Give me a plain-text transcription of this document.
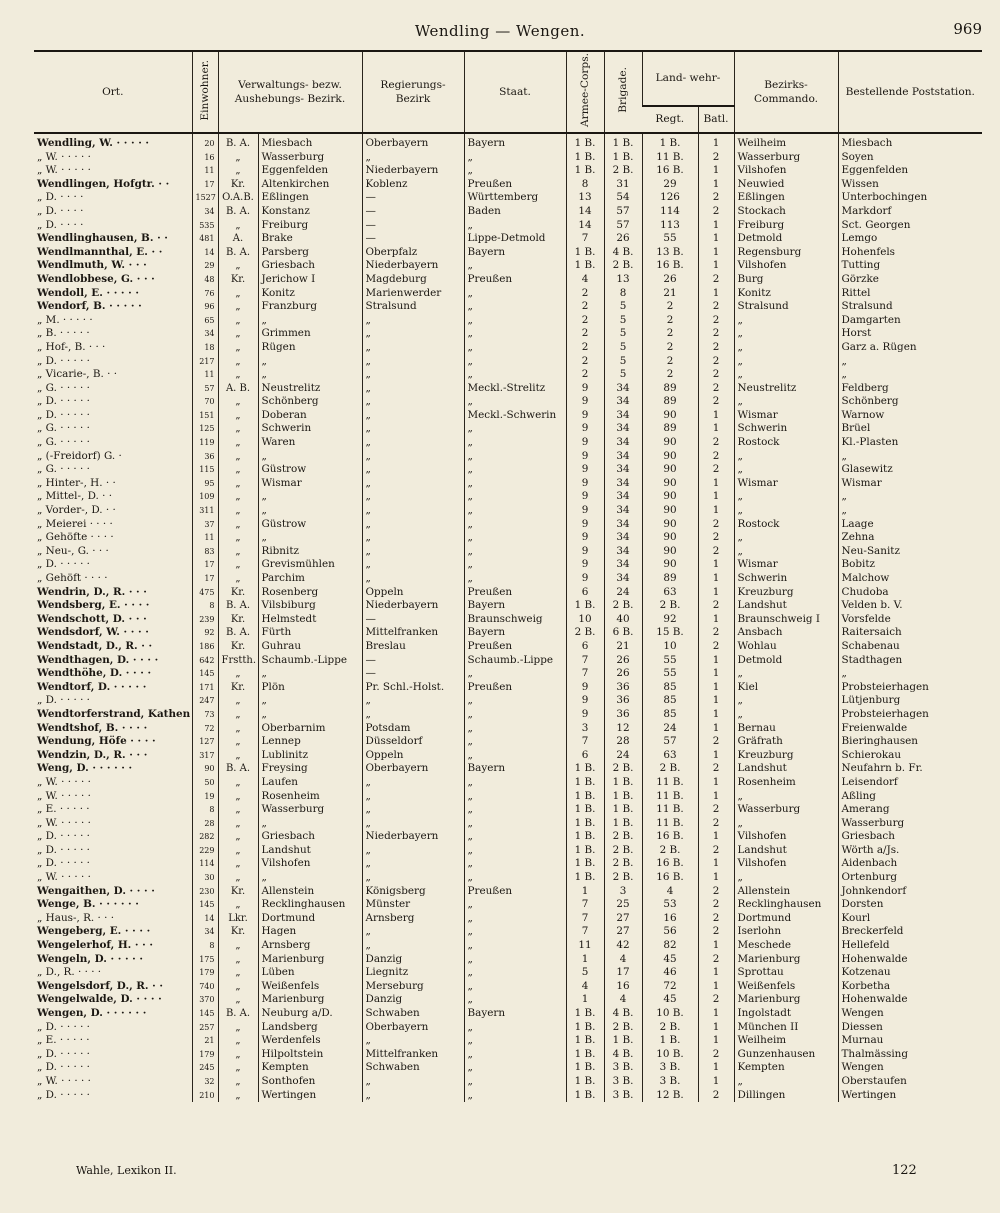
Wendling — Wengen.	969
Ort.	Einwohner.	Verwaltungs- bezw. Aushebungs- Bezirk.		Regierungs- Bezirk	Staat.	Armee-Corps.	Brigade.	Land- wehr-		Bezirks- Commando.	Bestellende Poststation.
								Regt.	Batl.		
Wendling, W. · · · · ·	20	B. A.	Miesbach	Oberbayern	Bayern	1 B.	1 B.	1 B.	1	Weilheim	Miesbach
„ W. · · · · ·	16	„	Wasserburg	„	„	1 B.	1 B.	11 B.	2	Wasserburg	Soyen
„ W. · · · · ·	11	„	Eggenfelden	Niederbayern	„	1 B.	2 B.	16 B.	1	Vilshofen	Eggenfelden
Wendlingen, Hofgtr. · ·	17	Kr.	Altenkirchen	Koblenz	Preußen	8	31	29	1	Neuwied	Wissen
„ D. · · · ·	1527	O.A.B.	Eßlingen	—	Württemberg	13	54	126	2	Eßlingen	Unterbochingen
„ D. · · · ·	34	B. A.	Konstanz	—	Baden	14	57	114	2	Stockach	Markdorf
„ D. · · · ·	535	„	Freiburg	—	„	14	57	113	1	Freiburg	Sct. Georgen
Wendlinghausen, B. · ·	481	A.	Brake	—	Lippe-Detmold	7	26	55	1	Detmold	Lemgo
Wendlmannthal, E. · ·	14	B. A.	Parsberg	Oberpfalz	Bayern	1 B.	4 B.	13 B.	1	Regensburg	Hohenfels
Wendlmuth, W. · · ·	29	„	Griesbach	Niederbayern	„	1 B.	2 B.	16 B.	1	Vilshofen	Tutting
Wendlobbese, G. · · ·	48	Kr.	Jerichow I	Magdeburg	Preußen	4	13	26	2	Burg	Görzke
Wendoll, E. · · · · ·	76	„	Konitz	Marienwerder	„	2	8	21	1	Konitz	Rittel
Wendorf, B. · · · · ·	96	„	Franzburg	Stralsund	„	2	5	2	2	Stralsund	Stralsund
„ M. · · · · ·	65	„	„	„	„	2	5	2	2	„	Damgarten
„ B. · · · · ·	34	„	Grimmen	„	„	2	5	2	2	„	Horst
„ Hof-, B. · · ·	18	„	Rügen	„	„	2	5	2	2	„	Garz a. Rügen
„ D. · · · · ·	217	„	„	„	„	2	5	2	2	„	„
„ Vicarie-, B. · ·	11	„	„	„	„	2	5	2	2	„	„
„ G. · · · · ·	57	A. B.	Neustrelitz	„	Meckl.-Strelitz	9	34	89	2	Neustrelitz	Feldberg
„ D. · · · · ·	70	„	Schönberg	„	„	9	34	89	2	„	Schönberg
„ D. · · · · ·	151	„	Doberan	„	Meckl.-Schwerin	9	34	90	1	Wismar	Warnow
„ G. · · · · ·	125	„	Schwerin	„	„	9	34	89	1	Schwerin	Brüel
„ G. · · · · ·	119	„	Waren	„	„	9	34	90	2	Rostock	Kl.-Plasten
„ (-Freidorf) G. ·	36	„	„	„	„	9	34	90	2	„	„
„ G. · · · · ·	115	„	Güstrow	„	„	9	34	90	2	„	Glasewitz
„ Hinter-, H. · ·	95	„	Wismar	„	„	9	34	90	1	Wismar	Wismar
„ Mittel-, D. · ·	109	„	„	„	„	9	34	90	1	„	„
„ Vorder-, D. · ·	311	„	„	„	„	9	34	90	1	„	„
„ Meierei · · · ·	37	„	Güstrow	„	„	9	34	90	2	Rostock	Laage
„ Gehöfte · · · ·	11	„	„	„	„	9	34	90	2	„	Zehna
„ Neu-, G. · · ·	83	„	Ribnitz	„	„	9	34	90	2	„	Neu-Sanitz
„ D. · · · · ·	17	„	Grevismühlen	„	„	9	34	90	1	Wismar	Bobitz
„ Gehöft · · · ·	17	„	Parchim	„	„	9	34	89	1	Schwerin	Malchow
Wendrin, D., R. · · ·	475	Kr.	Rosenberg	Oppeln	Preußen	6	24	63	1	Kreuzburg	Chudoba
Wendsberg, E. · · · ·	8	B. A.	Vilsbiburg	Niederbayern	Bayern	1 B.	2 B.	2 B.	2	Landshut	Velden b. V.
Wendschott, D. · · ·	239	Kr.	Helmstedt	—	Braunschweig	10	40	92	1	Braunschweig I	Vorsfelde
Wendsdorf, W. · · · ·	92	B. A.	Fürth	Mittelfranken	Bayern	2 B.	6 B.	15 B.	2	Ansbach	Raitersaich
Wendstadt, D., R. · ·	186	Kr.	Guhrau	Breslau	Preußen	6	21	10	2	Wohlau	Schabenau
Wendthagen, D. · · · ·	642	Frstth.	Schaumb.-Lippe	—	Schaumb.-Lippe	7	26	55	1	Detmold	Stadthagen
Wendthöhe, D. · · · ·	145	„	„	—	„	7	26	55	1	„	„
Wendtorf, D. · · · · ·	171	Kr.	Plön	Pr. Schl.-Holst.	Preußen	9	36	85	1	Kiel	Probsteierhagen
„ D. · · · · ·	247	„	„	„	„	9	36	85	1	„	Lütjenburg
Wendtorferstrand, Kathen	73	„	„	„	„	9	36	85	1	„	Probsteierhagen
Wendtshof, B. · · · ·	72	„	Oberbarnim	Potsdam	„	3	12	24	1	Bernau	Freienwalde
Wendung, Höfe · · · ·	127	„	Lennep	Düsseldorf	„	7	28	57	2	Gräfrath	Bieringhausen
Wendzin, D., R. · · ·	317	„	Lublinitz	Oppeln	„	6	24	63	1	Kreuzburg	Schierokau
Weng, D. · · · · · ·	90	B. A.	Freysing	Oberbayern	Bayern	1 B.	2 B.	2 B.	2	Landshut	Neufahrn b. Fr.
„ W. · · · · ·	50	„	Laufen	„	„	1 B.	1 B.	11 B.	1	Rosenheim	Leisendorf
„ W. · · · · ·	19	„	Rosenheim	„	„	1 B.	1 B.	11 B.	1	„	Aßling
„ E. · · · · ·	8	„	Wasserburg	„	„	1 B.	1 B.	11 B.	2	Wasserburg	Amerang
„ W. · · · · ·	28	„	„	„	„	1 B.	1 B.	11 B.	2	„	Wasserburg
„ D. · · · · ·	282	„	Griesbach	Niederbayern	„	1 B.	2 B.	16 B.	1	Vilshofen	Griesbach
„ D. · · · · ·	229	„	Landshut	„	„	1 B.	2 B.	2 B.	2	Landshut	Wörth a/Js.
„ D. · · · · ·	114	„	Vilshofen	„	„	1 B.	2 B.	16 B.	1	Vilshofen	Aidenbach
„ W. · · · · ·	30	„	„	„	„	1 B.	2 B.	16 B.	1	„	Ortenburg
Wengaithen, D. · · · ·	230	Kr.	Allenstein	Königsberg	Preußen	1	3	4	2	Allenstein	Johnkendorf
Wenge, B. · · · · · ·	145	„	Recklinghausen	Münster	„	7	25	53	2	Recklinghausen	Dorsten
„ Haus-, R. · · ·	14	Lkr.	Dortmund	Arnsberg	„	7	27	16	2	Dortmund	Kourl
Wengeberg, E. · · · ·	34	Kr.	Hagen	„	„	7	27	56	2	Iserlohn	Breckerfeld
Wengelerhof, H. · · ·	8	„	Arnsberg	„	„	11	42	82	1	Meschede	Hellefeld
Wengeln, D. · · · · ·	175	„	Marienburg	Danzig	„	1	4	45	2	Marienburg	Hohenwalde
„ D., R. · · · ·	179	„	Lüben	Liegnitz	„	5	17	46	1	Sprottau	Kotzenau
Wengelsdorf, D., R. · ·	740	„	Weißenfels	Merseburg	„	4	16	72	1	Weißenfels	Korbetha
Wengelwalde, D. · · · ·	370	„	Marienburg	Danzig	„	1	4	45	2	Marienburg	Hohenwalde
Wengen, D. · · · · · ·	145	B. A.	Neuburg a/D.	Schwaben	Bayern	1 B.	4 B.	10 B.	1	Ingolstadt	Wengen
„ D. · · · · ·	257	„	Landsberg	Oberbayern	„	1 B.	2 B.	2 B.	1	München II	Diessen
„ E. · · · · ·	21	„	Werdenfels	„	„	1 B.	1 B.	1 B.	1	Weilheim	Murnau
„ D. · · · · ·	179	„	Hilpoltstein	Mittelfranken	„	1 B.	4 B.	10 B.	2	Gunzenhausen	Thalmässing
„ D. · · · · ·	245	„	Kempten	Schwaben	„	1 B.	3 B.	3 B.	1	Kempten	Wengen
„ W. · · · · ·	32	„	Sonthofen	„	„	1 B.	3 B.	3 B.	1	„	Oberstaufen
„ D. · · · · ·	210	„	Wertingen	„	„	1 B.	3 B.	12 B.	2	Dillingen	Wertingen
Wahle, Lexikon II.	122
